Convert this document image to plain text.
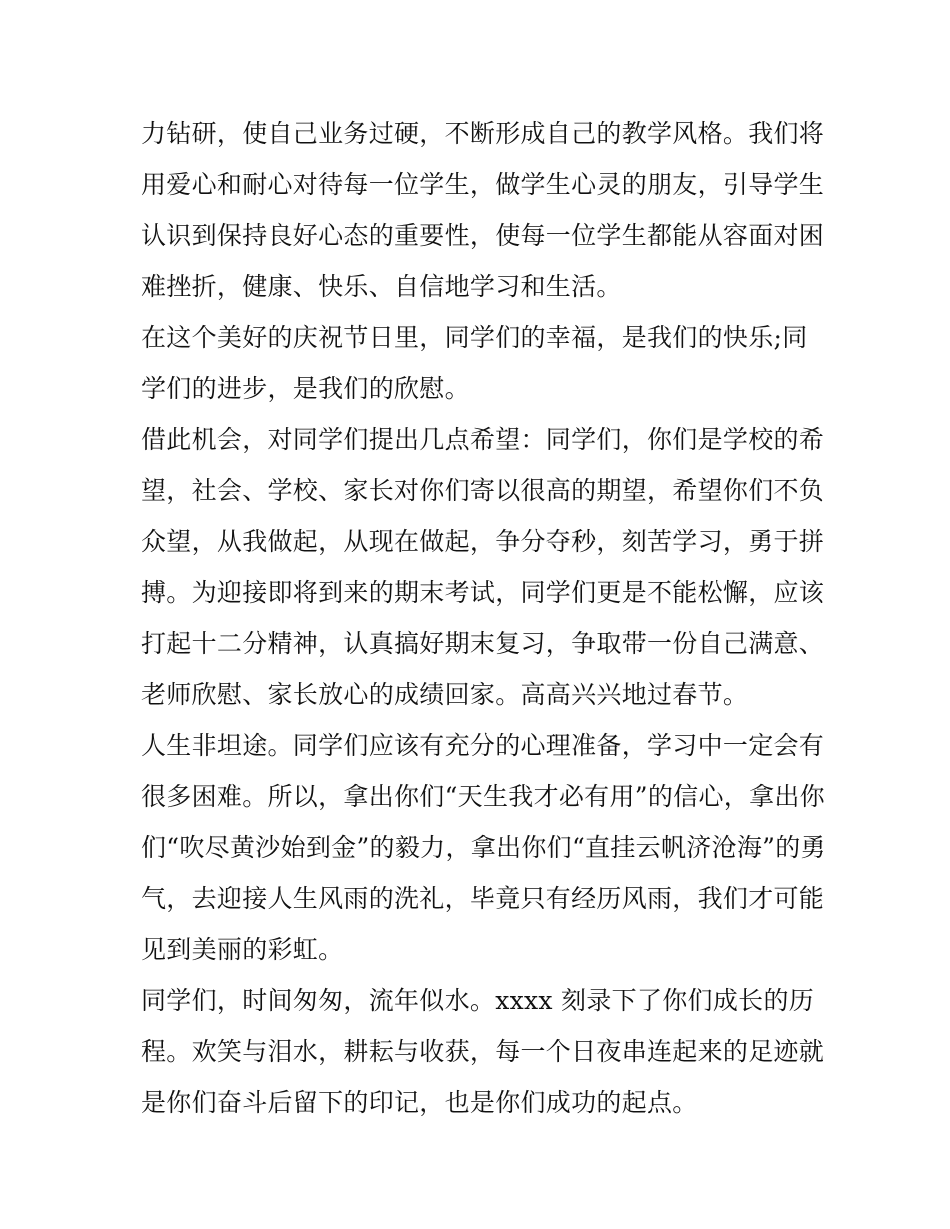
力钻研，使自己业务过硬，不断形成自己的教学风格。我们将
用爱心和耐心对待每一位学生，做学生心灵的朋友，引导学生
认识到保持良好心态的重要性，使每一位学生都能从容面对困
难挫折，健康、快乐、自信地学习和生活。
在这个美好的庆祝节日里，同学们的幸福，是我们的快乐;同
学们的进步，是我们的欣慰。
借此机会，对同学们提出几点希望：同学们，你们是学校的希
望，社会、学校、家长对你们寄以很高的期望，希望你们不负
众望，从我做起，从现在做起，争分夺秒，刻苦学习，勇于拼
搏。为迎接即将到来的期末考试，同学们更是不能松懈，应该
打起十二分精神，认真搞好期末复习，争取带一份自己满意、
老师欣慰、家长放心的成绩回家。高高兴兴地过春节。
人生非坦途。同学们应该有充分的心理准备，学习中一定会有
很多困难。所以，拿出你们“天生我才必有用”的信心，拿出你
们“吹尽黄沙始到金”的毅力，拿出你们“直挂云帆济沧海”的勇
气，去迎接人生风雨的洗礼，毕竟只有经历风雨，我们才可能
见到美丽的彩虹。
同学们，时间匆匆，流年似水。xxxx 刻录下了你们成长的历
程。欢笑与泪水，耕耘与收获，每一个日夜串连起来的足迹就
是你们奋斗后留下的印记，也是你们成功的起点。
